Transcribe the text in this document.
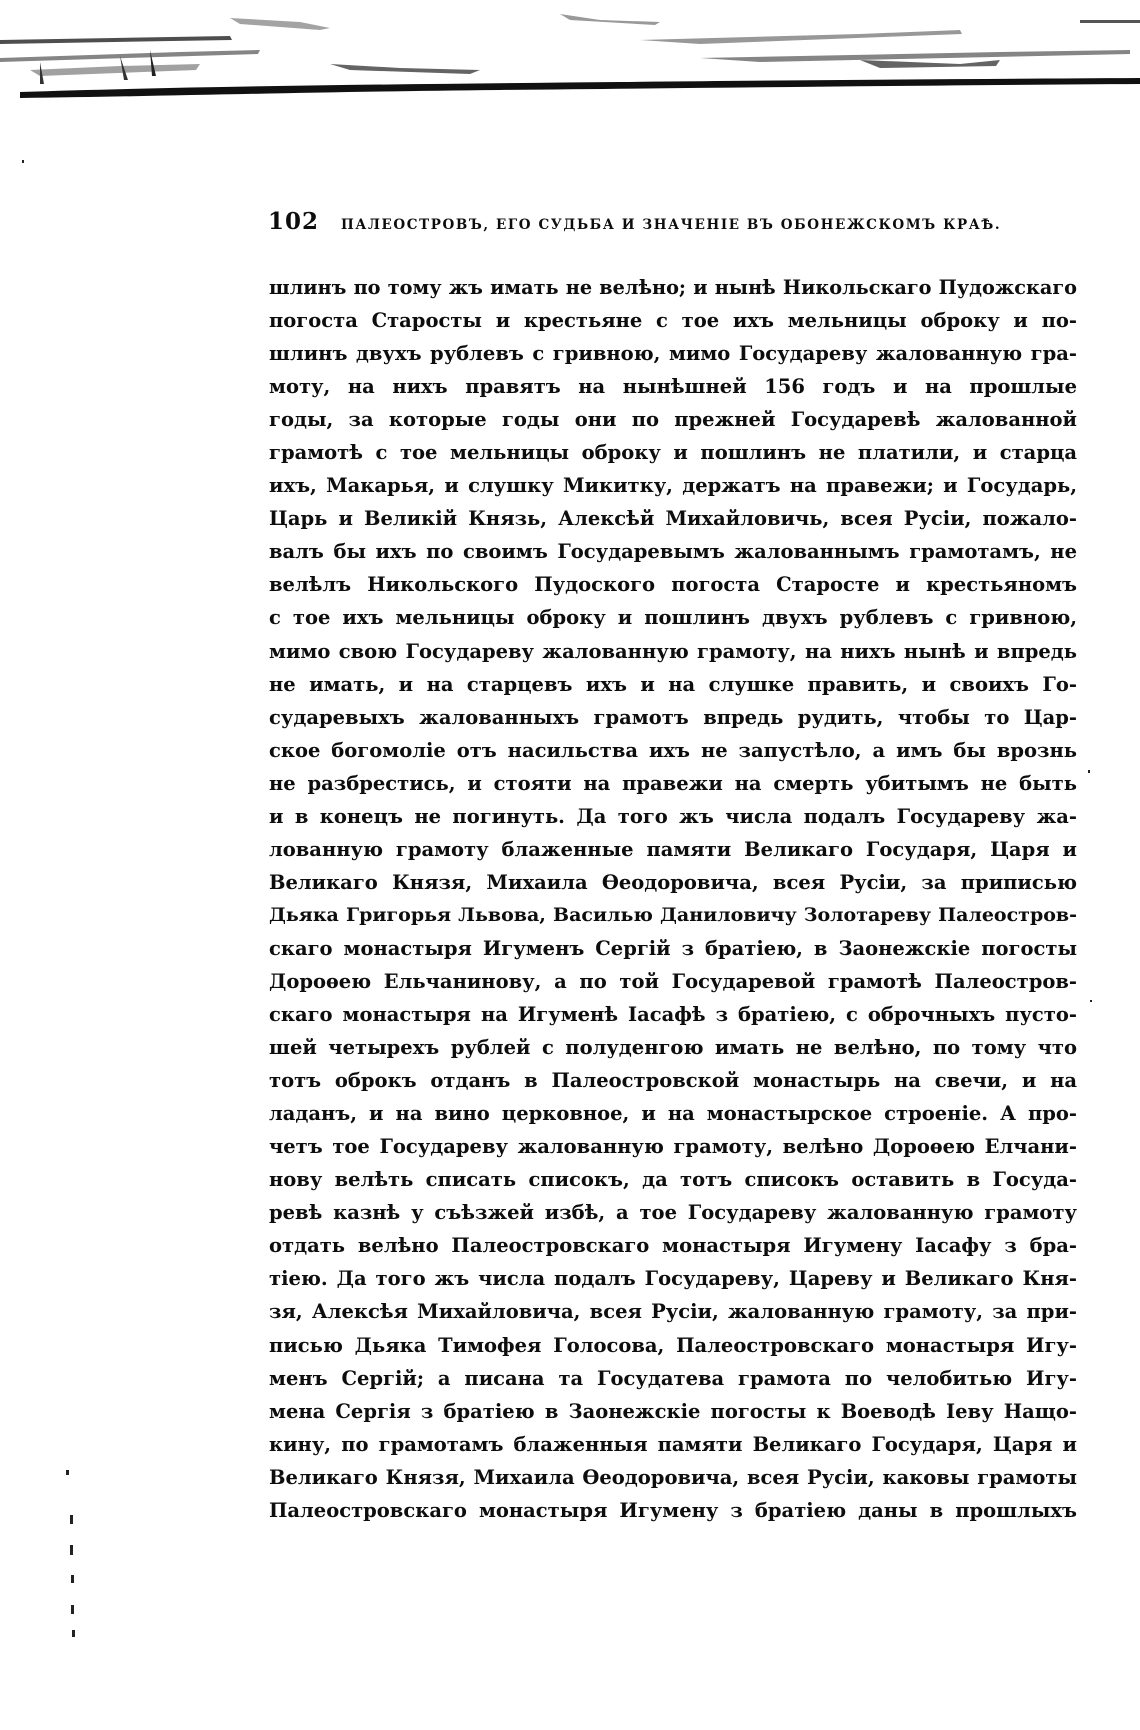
102 ПАЛЕОСТРОВЪ, ЕГО СУДЬБА И ЗНАЧЕНІЕ ВЪ ОБОНЕЖСКОМЪ КРАѢ.
шлинъ по тому жъ имать не велѣно; и нынѣ Никольскаго Пудожскаго
погоста Старосты и крестьяне с тое ихъ мельницы оброку и по-
шлинъ двухъ рублевъ с гривною, мимо Государеву жалованную гра-
моту, на нихъ правятъ на нынѣшней 156 годъ и на прошлые
годы, за которые годы они по прежней Государевѣ жалованной
грамотѣ с тое мельницы оброку и пошлинъ не платили, и старца
ихъ, Макарья, и слушку Микитку, держатъ на правежи; и Государь,
Царь и Великій Князь, Алексѣй Михайловичь, всея Русіи, пожало-
валъ бы ихъ по своимъ Государевымъ жалованнымъ грамотамъ, не
велѣлъ Никольского Пудоского погоста Старосте и крестьяномъ
с тое ихъ мельницы оброку и пошлинъ двухъ рублевъ с гривною,
мимо свою Государеву жалованную грамоту, на нихъ нынѣ и впредь
не имать, и на старцевъ ихъ и на слушке править, и своихъ Го-
сударевыхъ жалованныхъ грамотъ впредь рудить, чтобы то Цар-
ское богомолiе отъ насильства ихъ не запустѣло, а имъ бы врознь
не разбрестись, и стояти на правежи на смерть убитымъ не быть
и в конецъ не погинуть. Да того жъ числа подалъ Государеву жа-
лованную грамоту блаженные памяти Великаго Государя, Царя и
Великаго Князя, Михаила Ѳеодоровича, всея Русіи, за приписью
Дьяка Григорья Львова, Василью Даниловичу Золотареву Палеостров-
скаго монастыря Игуменъ Сергій з братiею, в Заонежскіе погосты
Дороѳею Ельчанинову, а по той Государевой грамотѣ Палеостров-
скаго монастыря на Игуменѣ Iасафѣ з братiею, с оброчныхъ пусто-
шей четырехъ рублей с полуденгою имать не велѣно, по тому что
тотъ оброкъ отданъ в Палеостровской монастырь на свечи, и на
ладанъ, и на вино церковное, и на монастырское строеніе. А про-
четъ тое Государеву жалованную грамоту, велѣно Дороѳею Елчани-
нову велѣть списать списокъ, да тотъ списокъ оставить в Госуда-
ревѣ казнѣ у съѣзжей избѣ, а тое Государеву жалованную грамоту
отдать велѣно Палеостровскаго монастыря Игумену Iасафу з бра-
тiею. Да того жъ числа подалъ Государеву, Цареву и Великаго Кня-
зя, Алексѣя Михайловича, всея Русіи, жалованную грамоту, за при-
писью Дьяка Тимофея Голосова, Палеостровскаго монастыря Игу-
менъ Сергій; а писана та Госудатева грамота по челобитью Игу-
мена Сергія з братiею в Заонежскіе погосты к Воеводѣ Iеву Нащо-
кину, по грамотамъ блаженныя памяти Великаго Государя, Царя и
Великаго Князя, Михаила Ѳеодоровича, всея Русіи, каковы грамоты
Палеостровскаго монастыря Игумену з братiею даны в прошлыхъ
